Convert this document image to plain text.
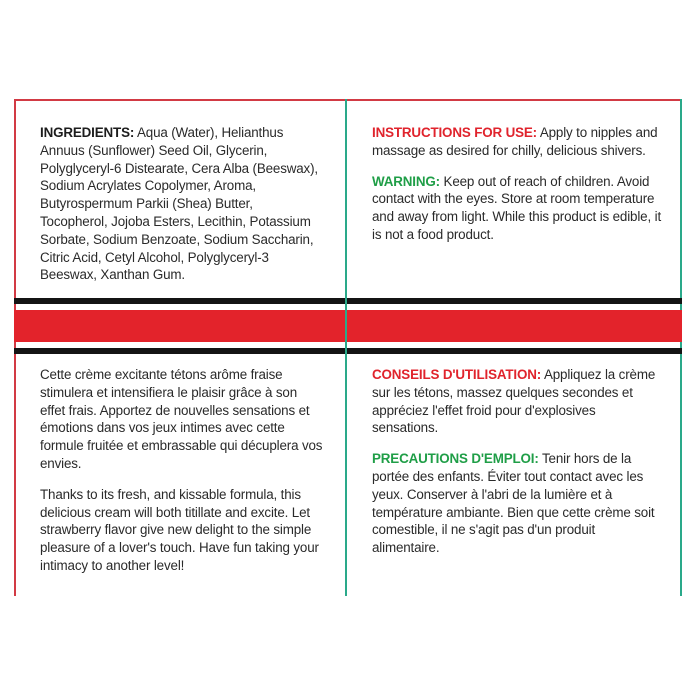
INGREDIENTS: Aqua (Water), Helianthus Annuus (Sunflower) Seed Oil, Glycerin, Polyglyceryl-6 Distearate, Cera Alba (Beeswax), Sodium Acrylates Copolymer, Aroma, Butyrospermum Parkii (Shea) Butter, Tocopherol, Jojoba Esters, Lecithin, Potassium Sorbate, Sodium Benzoate, Sodium Saccharin, Citric Acid, Cetyl Alcohol, Polyglyceryl-3 Beeswax, Xanthan Gum.

INSTRUCTIONS FOR USE: Apply to nipples and massage as desired for chilly, delicious shivers.

WARNING: Keep out of reach of children. Avoid contact with the eyes. Store at room temperature and away from light. While this product is edible, it is not a food product.

Cette crème excitante tétons arôme fraise stimulera et intensifiera le plaisir grâce à son effet frais. Apportez de nouvelles sensations et émotions dans vos jeux intimes avec cette formule fruitée et embrassable qui décuplera vos envies.

Thanks to its fresh, and kissable formula, this delicious cream will both titillate and excite. Let strawberry flavor give new delight to the simple pleasure of a lover's touch. Have fun taking your intimacy to another level!

CONSEILS D'UTILISATION: Appliquez la crème sur les tétons, massez quelques secondes et appréciez l'effet froid pour d'explosives sensations.

PRECAUTIONS D'EMPLOI: Tenir hors de la portée des enfants. Éviter tout contact avec les yeux. Conserver à l'abri de la lumière et à température ambiante. Bien que cette crème soit comestible, il ne s'agit pas d'un produit alimentaire.
